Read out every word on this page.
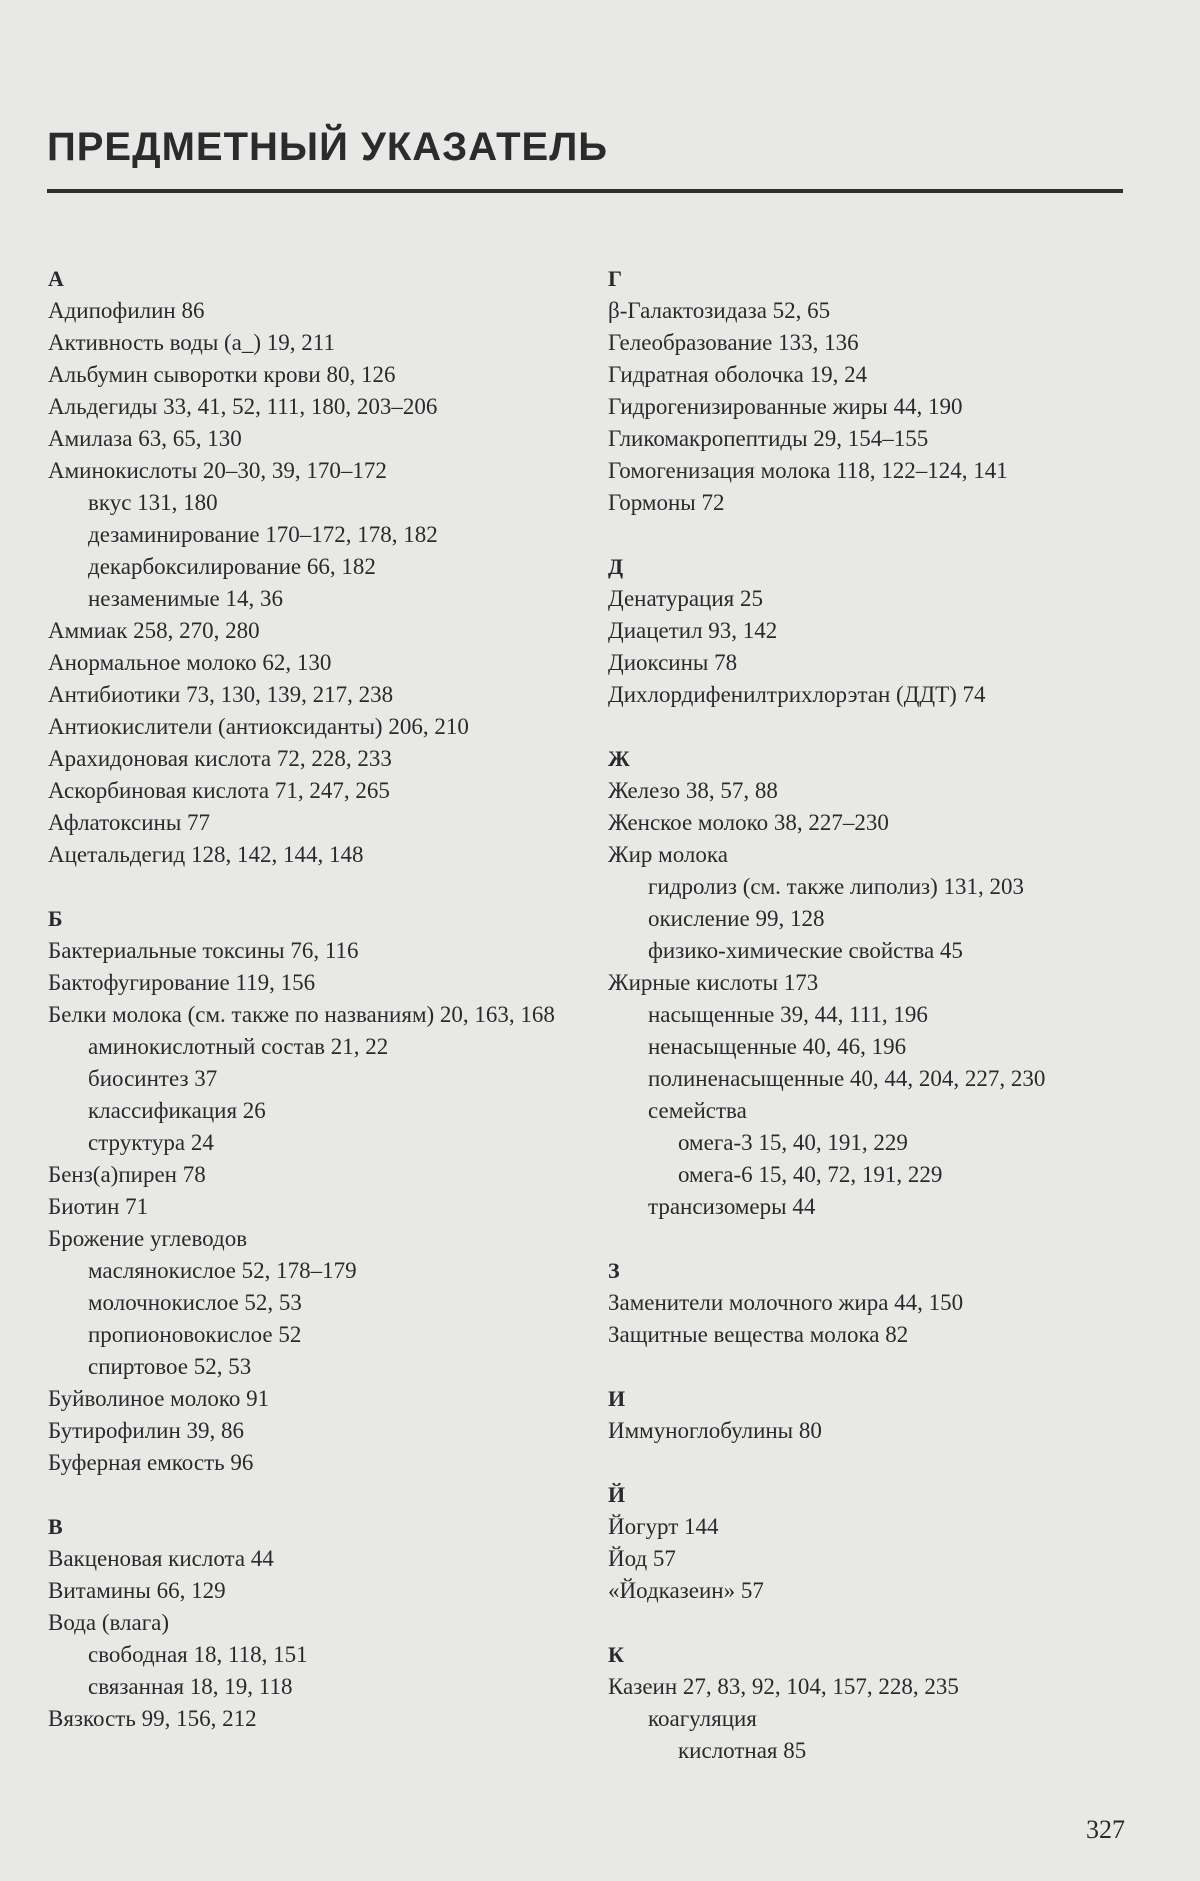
ПРЕДМЕТНЫЙ УКАЗАТЕЛЬ
А
Адипофилин 86
Активность воды (a_) 19, 211
Альбумин сыворотки крови 80, 126
Альдегиды 33, 41, 52, 111, 180, 203–206
Амилаза 63, 65, 130
Аминокислоты 20–30, 39, 170–172
вкус 131, 180
дезаминирование 170–172, 178, 182
декарбоксилирование 66, 182
незаменимые 14, 36
Аммиак 258, 270, 280
Анормальное молоко 62, 130
Антибиотики 73, 130, 139, 217, 238
Антиокислители (антиоксиданты) 206, 210
Арахидоновая кислота 72, 228, 233
Аскорбиновая кислота 71, 247, 265
Афлатоксины 77
Ацетальдегид 128, 142, 144, 148
Б
Бактериальные токсины 76, 116
Бактофугирование 119, 156
Белки молока (см. также по названиям) 20, 163, 168
аминокислотный состав 21, 22
биосинтез 37
классификация 26
структура 24
Бенз(а)пирен 78
Биотин 71
Брожение углеводов
маслянокислое 52, 178–179
молочнокислое 52, 53
пропионовокислое 52
спиртовое 52, 53
Буйволиное молоко 91
Бутирофилин 39, 86
Буферная емкость 96
В
Вакценовая кислота 44
Витамины 66, 129
Вода (влага)
свободная 18, 118, 151
связанная 18, 19, 118
Вязкость 99, 156, 212
Г
β-Галактозидаза 52, 65
Гелеобразование 133, 136
Гидратная оболочка 19, 24
Гидрогенизированные жиры 44, 190
Гликомакропептиды 29, 154–155
Гомогенизация молока 118, 122–124, 141
Гормоны 72
Д
Денатурация 25
Диацетил 93, 142
Диоксины 78
Дихлордифенилтрихлорэтан (ДДТ) 74
Ж
Железо 38, 57, 88
Женское молоко 38, 227–230
Жир молока
гидролиз (см. также липолиз) 131, 203
окисление 99, 128
физико-химические свойства 45
Жирные кислоты 173
насыщенные 39, 44, 111, 196
ненасыщенные 40, 46, 196
полиненасыщенные 40, 44, 204, 227, 230
семейства
омега-3 15, 40, 191, 229
омега-6 15, 40, 72, 191, 229
трансизомеры 44
З
Заменители молочного жира 44, 150
Защитные вещества молока 82
И
Иммуноглобулины 80
Й
Йогурт 144
Йод 57
«Йодказеин» 57
К
Казеин 27, 83, 92, 104, 157, 228, 235
коагуляция
кислотная 85
327
